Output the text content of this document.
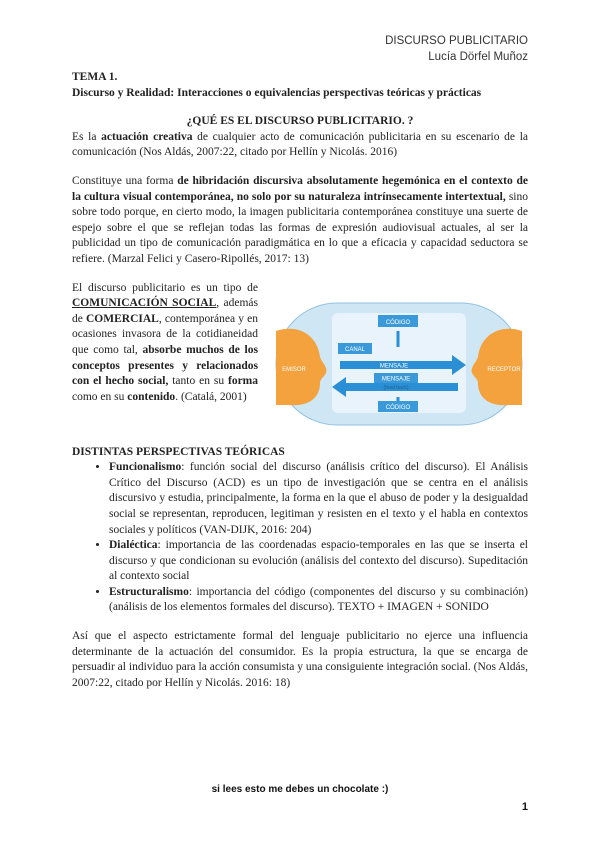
DISCURSO PUBLICITARIO
Lucía Dörfel Muñoz

TEMA 1.

Discurso y Realidad: Interacciones o equivalencias perspectivas teóricas y prácticas

¿QUÉ ES EL DISCURSO PUBLICITARIO. ?

Es la actuación creativa de cualquier acto de comunicación publicitaria en su escenario de la comunicación (Nos Aldás, 2007:22, citado por Hellín y Nicolás. 2016)

Constituye una forma de hibridación discursiva absolutamente hegemónica en el contexto de la cultura visual contemporánea, no solo por su naturaleza intrínsecamente intertextual, sino sobre todo porque, en cierto modo, la imagen publicitaria contemporánea constituye una suerte de espejo sobre el que se reflejan todas las formas de expresión audiovisual actuales, al ser la publicidad un tipo de comunicación paradigmática en lo que a eficacia y capacidad seductora se refiere. (Marzal Felici y Casero-Ripollés, 2017: 13)

El discurso publicitario es un tipo de COMUNICACIÓN SOCIAL, además de COMERCIAL, contemporánea y en ocasiones invasora de la cotidianeidad que como tal, absorbe muchos de los conceptos presentes y relacionados con el hecho social, tanto en su forma como en su contenido. (Catalá, 2001)

CÓDIGO
CANAL
MENSAJE
MENSAJE
(feed back)
CÓDIGO
EMISOR	RECEPTOR

DISTINTAS PERSPECTIVAS TEÓRICAS

• Funcionalismo: función social del discurso (análisis crítico del discurso). El Análisis Crítico del Discurso (ACD) es un tipo de investigación que se centra en el análisis discursivo y estudia, principalmente, la forma en la que el abuso de poder y la desigualdad social se representan, reproducen, legitiman y resisten en el texto y el habla en contextos sociales y políticos (VAN-DIJK, 2016: 204)
• Dialéctica: importancia de las coordenadas espacio-temporales en las que se inserta el discurso y que condicionan su evolución (análisis del contexto del discurso). Supeditación al contexto social
• Estructuralismo: importancia del código (componentes del discurso y su combinación) (análisis de los elementos formales del discurso). TEXTO + IMAGEN + SONIDO

Así que el aspecto estrictamente formal del lenguaje publicitario no ejerce una influencia determinante de la actuación del consumidor. Es la propia estructura, la que se encarga de persuadir al individuo para la acción consumista y una consiguiente integración social. (Nos Aldás, 2007:22, citado por Hellín y Nicolás. 2016: 18)

si lees esto me debes un chocolate :)
1
